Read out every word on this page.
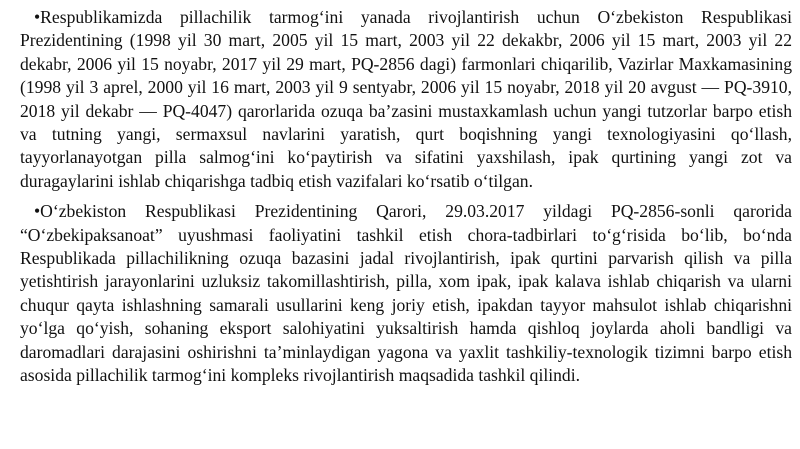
•Respublikamizda pillachilik tarmog‘ini yanada rivojlantirish uchun O‘zbekiston Respublikasi Prezidentining (1998 yil 30 mart, 2005 yil 15 mart, 2003 yil 22 dekakbr, 2006 yil 15 mart, 2003 yil 22 dekabr, 2006 yil 15 noyabr, 2017 yil 29 mart, PQ-2856 dagi) farmonlari chiqarilib, Vazirlar Maxkamasining (1998 yil 3 aprel, 2000 yil 16 mart, 2003 yil 9 sentyabr, 2006 yil 15 noyabr, 2018 yil 20 avgust — PQ-3910, 2018 yil dekabr — PQ-4047) qarorlarida ozuqa ba’zasini mustaxkamlash uchun yangi tutzorlar barpo etish va tutning yangi, sermaxsul navlarini yaratish, qurt boqishning yangi texnologiyasini qo‘llash, tayyorlanayotgan pilla salmog‘ini ko‘paytirish va sifatini yaxshilash, ipak qurtining yangi zot va duragaylarini ishlab chiqarishga tadbiq etish vazifalari ko‘rsatib o‘tilgan.

•O‘zbekiston Respublikasi Prezidentining Qarori, 29.03.2017 yildagi PQ-2856-sonli qarorida “O‘zbekipaksanoat” uyushmasi faoliyatini tashkil etish chora-tadbirlari to‘g‘risida bo‘lib, bo‘nda Respublikada pillachilikning ozuqa bazasini jadal rivojlantirish, ipak qurtini parvarish qilish va pilla yetishtirish jarayonlarini uzluksiz takomillashtirish, pilla, xom ipak, ipak kalava ishlab chiqarish va ularni chuqur qayta ishlashning samarali usullarini keng joriy etish, ipakdan tayyor mahsulot ishlab chiqarishni yo‘lga qo‘yish, sohaning eksport salohiyatini yuksaltirish hamda qishloq joylarda aholi bandligi va daromadlari darajasini oshirishni ta’minlaydigan yagona va yaxlit tashkiliy-texnologik tizimni barpo etish asosida pillachilik tarmog‘ini kompleks rivojlantirish maqsadida tashkil qilindi.
